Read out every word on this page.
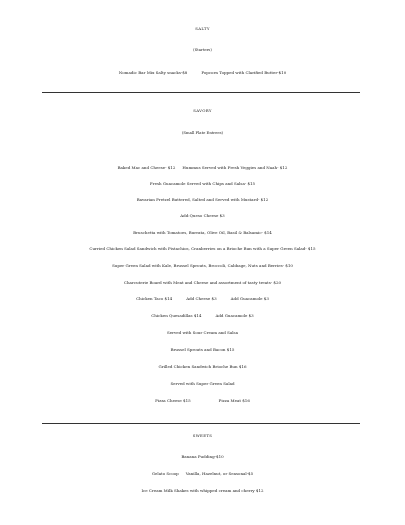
SALTY
(Starters)
Nomadic Bar Mix Salty snacks-$8	Popcorn Topped with Clarified Butter-$10
SAVORY
(Small Plate Entrees)
Baked Mac and Cheese- $12 Hummus Served with Fresh Veggies and Naah- $12
Fresh Guacamole Served with Chips and Salsa- $15
Bavarian Pretzel Buttered, Salted and Served with Mustard- $12
Add:Queso Cheese $3
Bruschetta with Tomatoes, Burrata, Olive Oil, Basil & Balsamic- $14
Curried Chicken Salad Sandwich with Pistachios, Cranberries on a Brioche Bun with a Super Green Salad- $15
Super Green Salad with Kale, Brussel Sprouts, Broccoli, Cabbage, Nuts and Berries- $10
Charcuterie Board with Meat and Cheese and assortment of tasty treats- $20
Chicken Taco $14	Add Cheese $3	Add Guacamole $3
Chicken Quesadillas $14	Add Guacamole $3
Served with Sour Cream and Salsa
Brussel Sprouts and Bacon $15
Grilled Chicken Sandwich Brioche Bun $16
Served with Super Green Salad
Pizza Cheese $15	Pizza Meat $16
SWEETS
Banana Pudding-$10
Gelato Scoop Vanilla, Hazelnut, or Seasonal-$5
Ice Cream Milk Shakes with whipped cream and cherry $12
